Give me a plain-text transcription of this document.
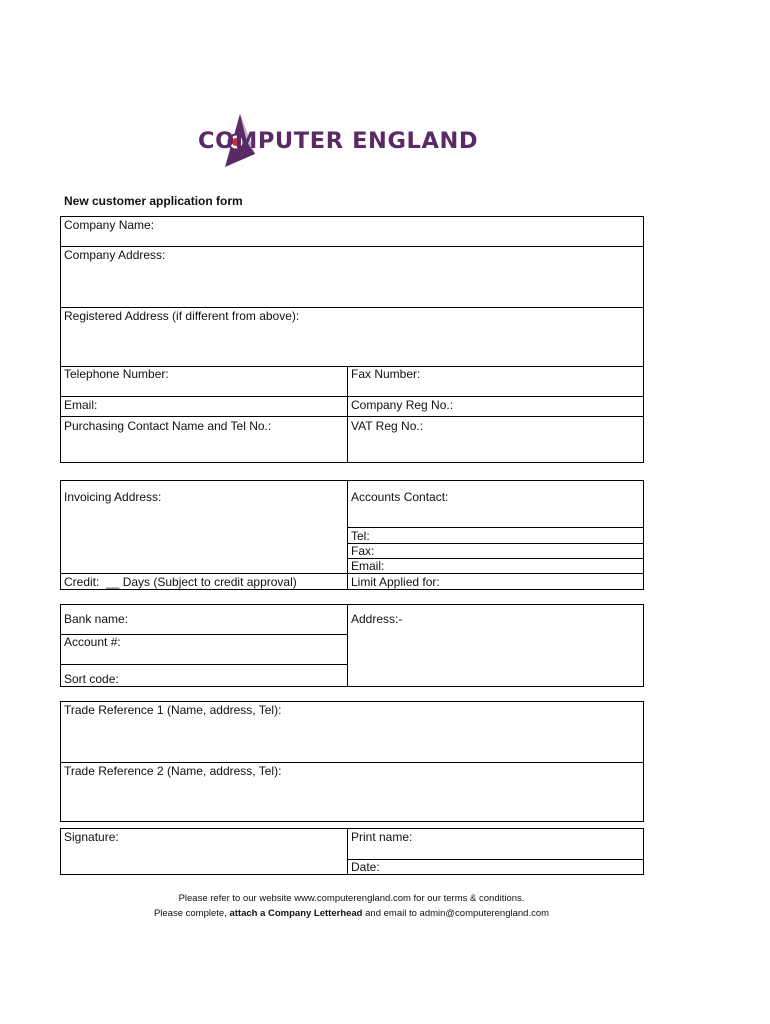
COMPUTER ENGLAND
New customer application form
Company Name:
Company Address:
Registered Address (if different from above):
Telephone Number:	Fax Number:
Email:	Company Reg No.:
Purchasing Contact Name and Tel No.:	VAT Reg No.:
Invoicing Address:	Accounts Contact:
Tel:
Fax:
Email:
Credit:  __ Days (Subject to credit approval)	Limit Applied for:
Bank name:	Address:-
Account #:
Sort code:
Trade Reference 1 (Name, address, Tel):
Trade Reference 2 (Name, address, Tel):
Signature:	Print name:
Date:
Please refer to our website www.computerengland.com for our terms & conditions.
Please complete, attach a Company Letterhead and email to admin@computerengland.com
